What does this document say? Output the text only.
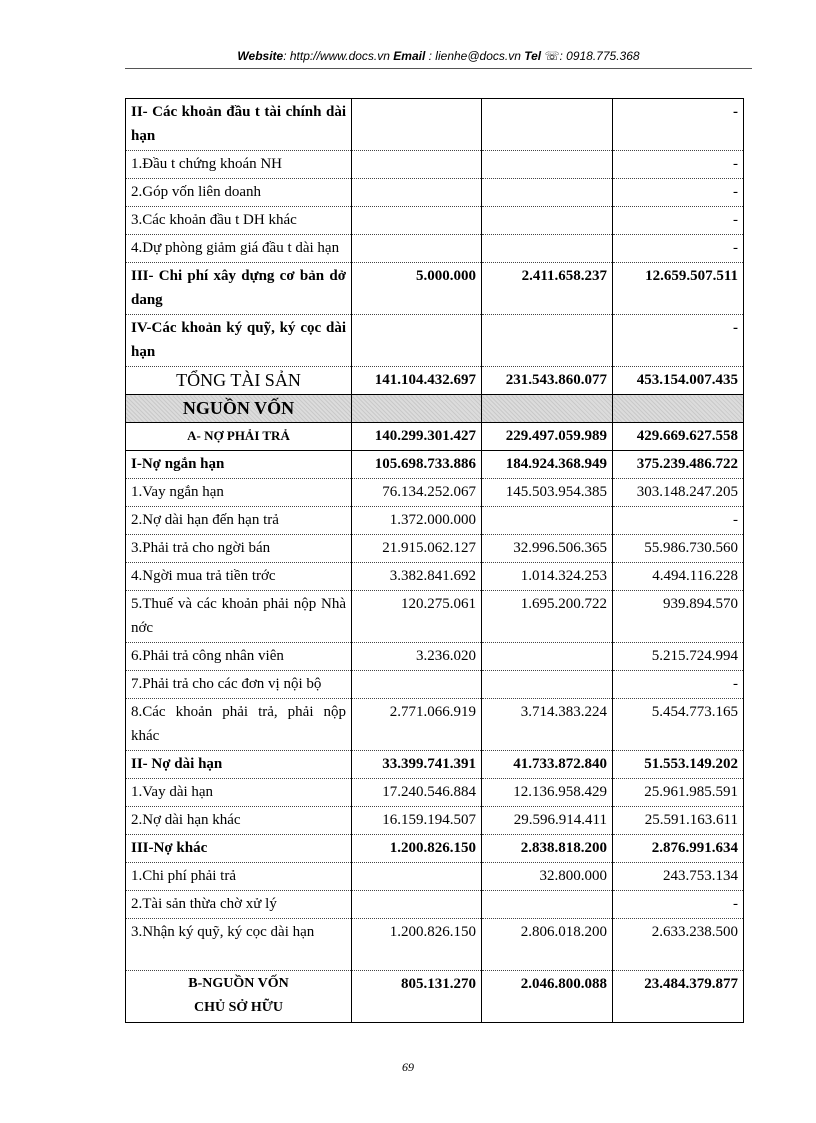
Website: http://www.docs.vn Email : lienhe@docs.vn Tel ☏: 0918.775.368
II- Các khoản đầu t tài chính dài hạn			-
1.Đầu t chứng khoán NH			-
2.Góp vốn liên doanh			-
3.Các khoản đầu t DH khác			-
4.Dự phòng giảm giá đầu t dài hạn			-
III- Chi phí xây dựng cơ bản dở dang	5.000.000	2.411.658.237	12.659.507.511
IV-Các khoản ký quỹ, ký cọc dài hạn			-
TỔNG TÀI SẢN	141.104.432.697	231.543.860.077	453.154.007.435
NGUỒN VỐN			
A- NỢ PHẢI TRẢ	140.299.301.427	229.497.059.989	429.669.627.558
I-Nợ ngắn hạn	105.698.733.886	184.924.368.949	375.239.486.722
1.Vay ngắn hạn	76.134.252.067	145.503.954.385	303.148.247.205
2.Nợ dài hạn đến hạn trả	1.372.000.000		-
3.Phải trả cho ngời bán	21.915.062.127	32.996.506.365	55.986.730.560
4.Ngời mua trả tiền trớc	3.382.841.692	1.014.324.253	4.494.116.228
5.Thuế và các khoản phải nộp Nhà nớc	120.275.061	1.695.200.722	939.894.570
6.Phải trả công nhân viên	3.236.020		5.215.724.994
7.Phải trả cho các đơn vị nội bộ			-
8.Các khoản phải trả, phải nộp khác	2.771.066.919	3.714.383.224	5.454.773.165
II- Nợ dài hạn	33.399.741.391	41.733.872.840	51.553.149.202
1.Vay dài hạn	17.240.546.884	12.136.958.429	25.961.985.591
2.Nợ dài hạn khác	16.159.194.507	29.596.914.411	25.591.163.611
III-Nợ khác	1.200.826.150	2.838.818.200	2.876.991.634
1.Chi phí phải trả		32.800.000	243.753.134
2.Tài sản thừa chờ xử lý			-
3.Nhận ký quỹ, ký cọc dài hạn	1.200.826.150	2.806.018.200	2.633.238.500
B-NGUỒN VỐN CHỦ SỞ HỮU	805.131.270	2.046.800.088	23.484.379.877
69
